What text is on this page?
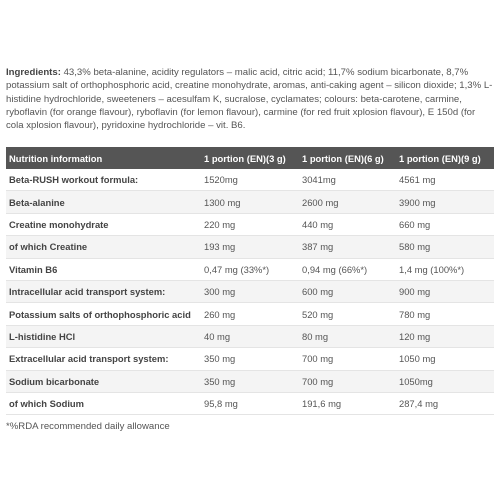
Ingredients: 43,3% beta-alanine, acidity regulators – malic acid, citric acid; 11,7% sodium bicarbonate, 8,7% potassium salt of orthophosphoric acid, creatine monohydrate, aromas, anti-caking agent – silicon dioxide; 1,3% L-histidine hydrochloride, sweeteners – acesulfam K, sucralose, cyclamates; colours: beta-carotene, carmine, ryboflavin (for orange flavour), ryboflavin (for lemon flavour), carmine (for red fruit xplosion flavour), E 150d (for cola xplosion flavour), pyridoxine hydrochloride – vit. B6.
Nutrition information	1 portion (EN)(3 g)	1 portion (EN)(6 g)	1 portion (EN)(9 g)
Beta-RUSH workout formula:	1520mg	3041mg	4561 mg
Beta-alanine	1300 mg	2600 mg	3900 mg
Creatine monohydrate	220 mg	440 mg	660 mg
of which Creatine	193 mg	387 mg	580 mg
Vitamin B6	0,47 mg (33%*)	0,94 mg (66%*)	1,4 mg (100%*)
Intracellular acid transport system:	300 mg	600 mg	900 mg
Potassium salts of orthophosphoric acid	260 mg	520 mg	780 mg
L-histidine HCl	40 mg	80 mg	120 mg
Extracellular acid transport system:	350 mg	700 mg	1050 mg
Sodium bicarbonate	350 mg	700 mg	1050mg
of which Sodium	95,8 mg	191,6 mg	287,4 mg
*%RDA recommended daily allowance
